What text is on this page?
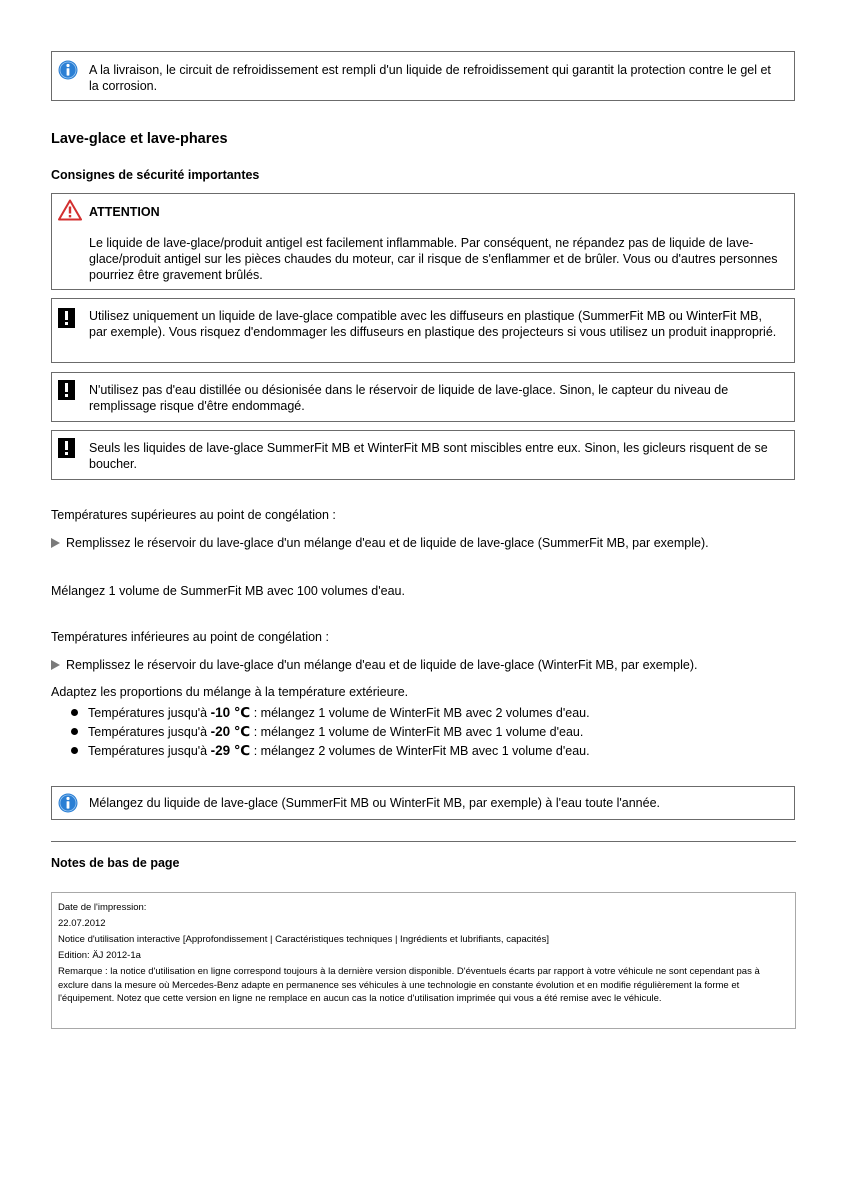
A la livraison, le circuit de refroidissement est rempli d'un liquide de refroidissement qui garantit la protection contre le gel et la corrosion.
Lave-glace et lave-phares
Consignes de sécurité importantes
ATTENTION
Le liquide de lave-glace/produit antigel est facilement inflammable. Par conséquent, ne répandez pas de liquide de lave-glace/produit antigel sur les pièces chaudes du moteur, car il risque de s'enflammer et de brûler. Vous ou d'autres personnes pourriez être gravement brûlés.
Utilisez uniquement un liquide de lave-glace compatible avec les diffuseurs en plastique (SummerFit MB ou WinterFit MB, par exemple). Vous risquez d'endommager les diffuseurs en plastique des projecteurs si vous utilisez un produit inapproprié.
N'utilisez pas d'eau distillée ou désionisée dans le réservoir de liquide de lave-glace. Sinon, le capteur du niveau de remplissage risque d'être endommagé.
Seuls les liquides de lave-glace SummerFit MB et WinterFit MB sont miscibles entre eux. Sinon, les gicleurs risquent de se boucher.
Températures supérieures au point de congélation :
Remplissez le réservoir du lave-glace d'un mélange d'eau et de liquide de lave-glace (SummerFit MB, par exemple).
Mélangez 1 volume de SummerFit MB avec 100 volumes d'eau.
Températures inférieures au point de congélation :
Remplissez le réservoir du lave-glace d'un mélange d'eau et de liquide de lave-glace (WinterFit MB, par exemple).
Adaptez les proportions du mélange à la température extérieure.
Températures jusqu'à -10 ℃ : mélangez 1 volume de WinterFit MB avec 2 volumes d'eau.
Températures jusqu'à -20 ℃ : mélangez 1 volume de WinterFit MB avec 1 volume d'eau.
Températures jusqu'à -29 ℃ : mélangez 2 volumes de WinterFit MB avec 1 volume d'eau.
Mélangez du liquide de lave-glace (SummerFit MB ou WinterFit MB, par exemple) à l'eau toute l'année.
Notes de bas de page
Date de l'impression:
22.07.2012
Notice d'utilisation interactive [Approfondissement | Caractéristiques techniques | Ingrédients et lubrifiants, capacités]
Edition: ÄJ 2012-1a
Remarque : la notice d'utilisation en ligne correspond toujours à la dernière version disponible. D'éventuels écarts par rapport à votre véhicule ne sont cependant pas à exclure dans la mesure où Mercedes-Benz adapte en permanence ses véhicules à une technologie en constante évolution et en modifie régulièrement la forme et l'équipement. Notez que cette version en ligne ne remplace en aucun cas la notice d'utilisation imprimée qui vous a été remise avec le véhicule.
